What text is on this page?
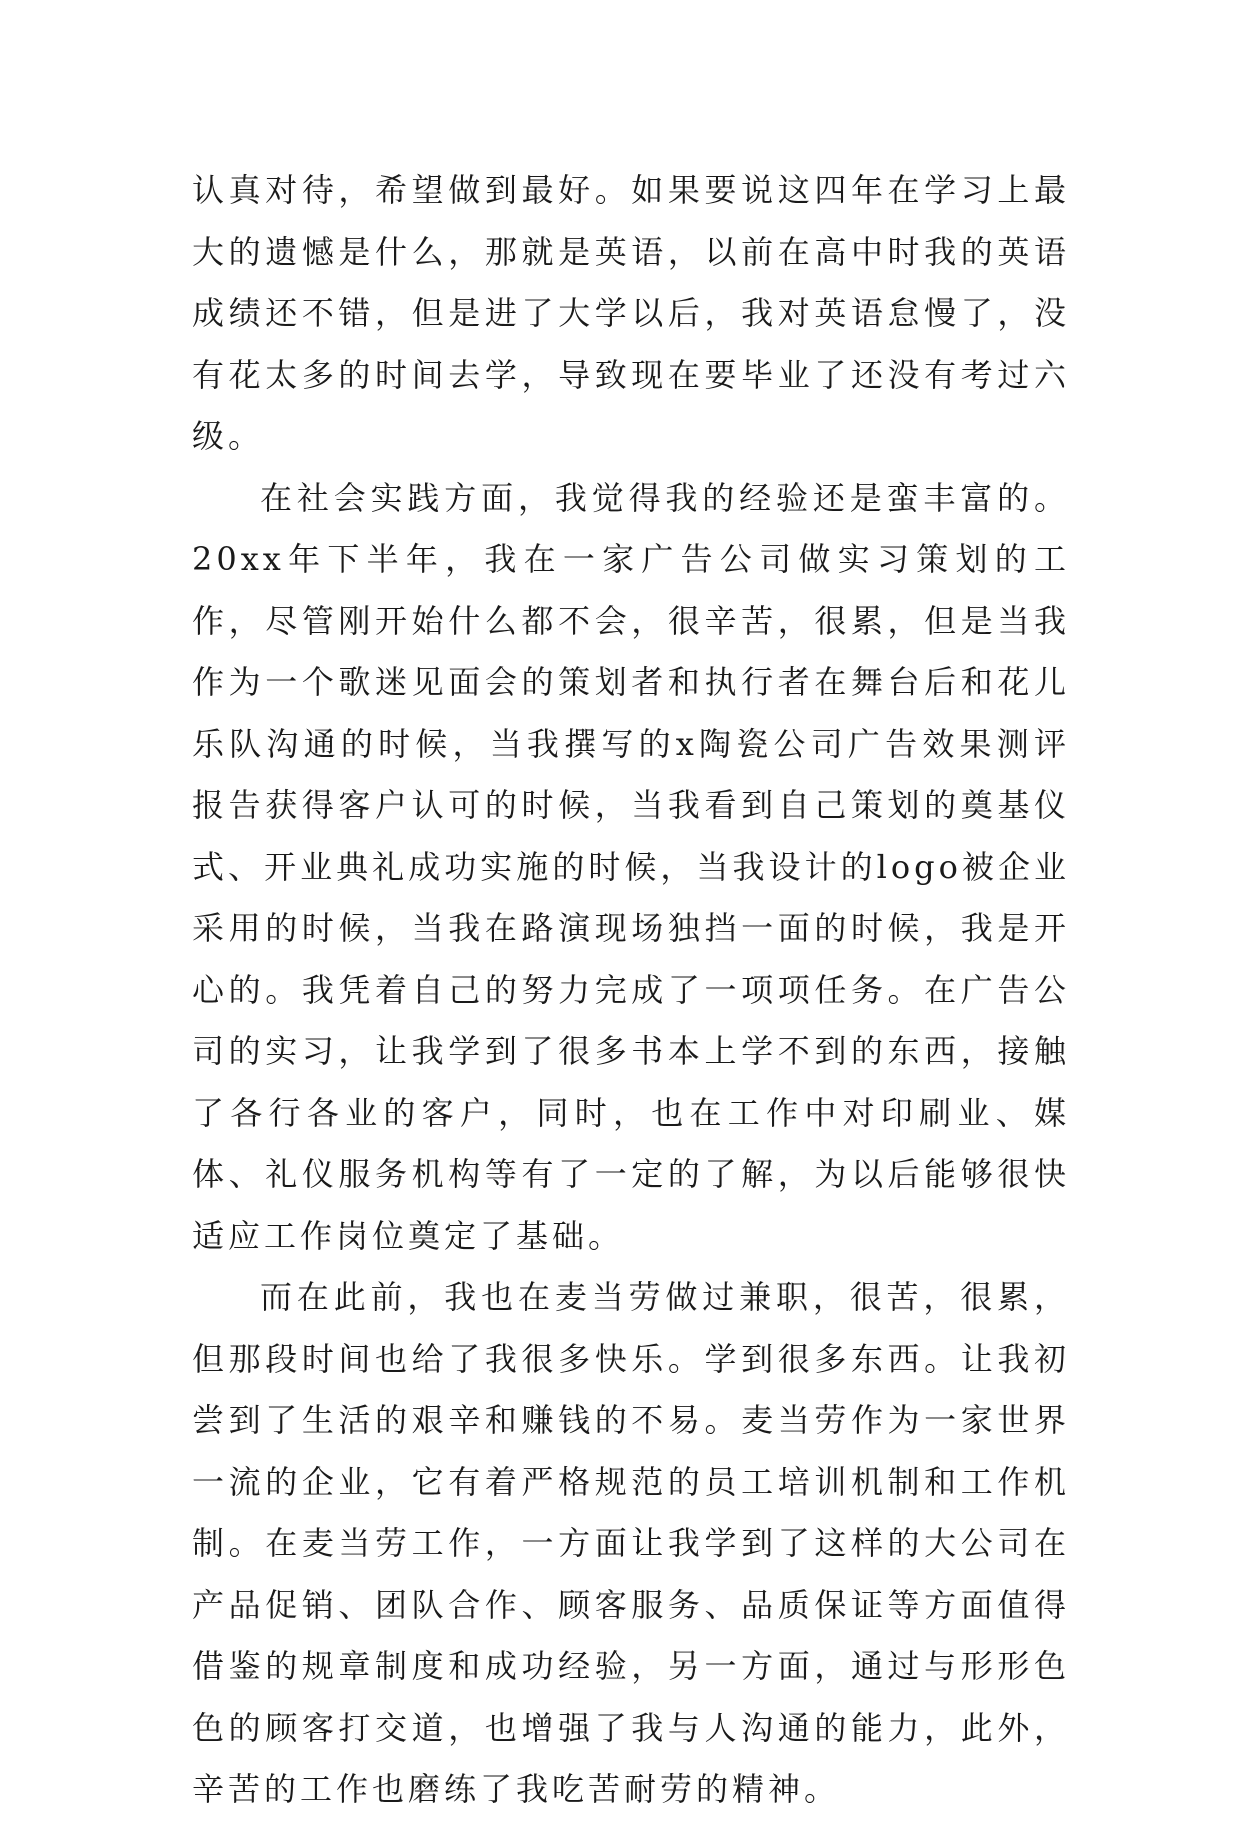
认真对待，希望做到最好。如果要说这四年在学习上最大的遗憾是什么，那就是英语，以前在高中时我的英语成绩还不错，但是进了大学以后，我对英语怠慢了，没有花太多的时间去学，导致现在要毕业了还没有考过六级。

在社会实践方面，我觉得我的经验还是蛮丰富的。20xx年下半年，我在一家广告公司做实习策划的工作，尽管刚开始什么都不会，很辛苦，很累，但是当我作为一个歌迷见面会的策划者和执行者在舞台后和花儿乐队沟通的时候，当我撰写的x陶瓷公司广告效果测评报告获得客户认可的时候，当我看到自己策划的奠基仪式、开业典礼成功实施的时候，当我设计的logo被企业采用的时候，当我在路演现场独挡一面的时候，我是开心的。我凭着自己的努力完成了一项项任务。在广告公司的实习，让我学到了很多书本上学不到的东西，接触了各行各业的客户，同时，也在工作中对印刷业、媒体、礼仪服务机构等有了一定的了解，为以后能够很快适应工作岗位奠定了基础。

而在此前，我也在麦当劳做过兼职，很苦，很累，但那段时间也给了我很多快乐。学到很多东西。让我初尝到了生活的艰辛和赚钱的不易。麦当劳作为一家世界一流的企业，它有着严格规范的员工培训机制和工作机制。在麦当劳工作，一方面让我学到了这样的大公司在产品促销、团队合作、顾客服务、品质保证等方面值得借鉴的规章制度和成功经验，另一方面，通过与形形色色的顾客打交道，也增强了我与人沟通的能力，此外，辛苦的工作也磨练了我吃苦耐劳的精神。
